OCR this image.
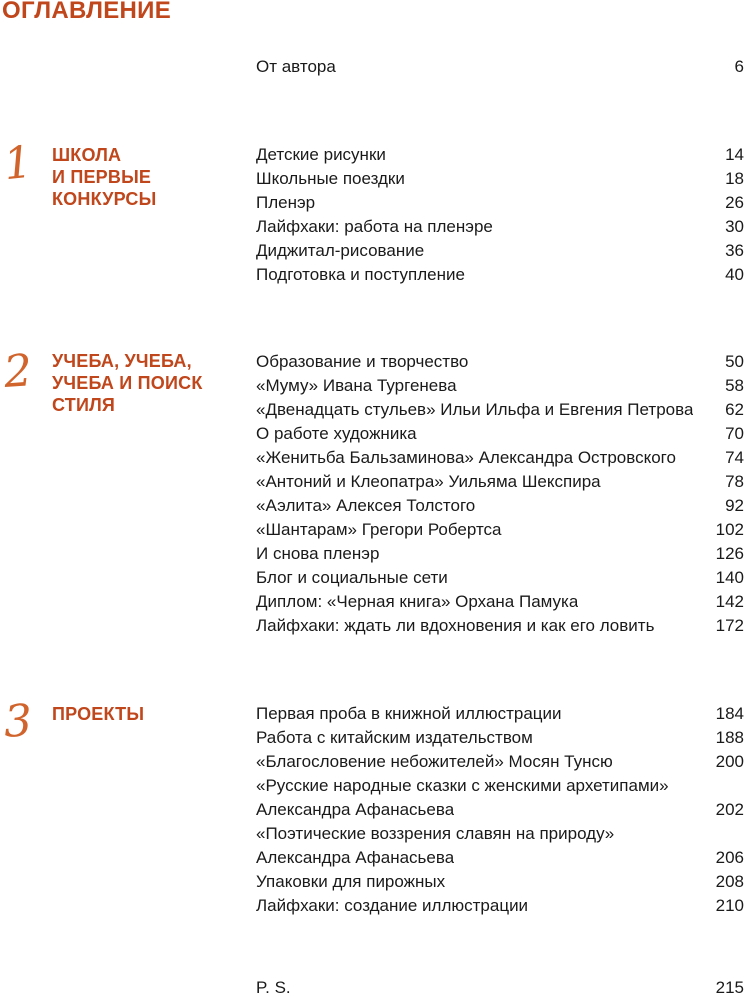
ОГЛАВЛЕНИЕ
От автора	6
1 ШКОЛА
И ПЕРВЫЕ
КОНКУРСЫ
Детские рисунки	14
Школьные поездки	18
Пленэр	26
Лайфхаки: работа на пленэре	30
Диджитал-рисование	36
Подготовка и поступление	40
2 УЧЕБА, УЧЕБА,
УЧЕБА И ПОИСК
СТИЛЯ
Образование и творчество	50
«Муму» Ивана Тургенева	58
«Двенадцать стульев» Ильи Ильфа и Евгения Петрова 62
О работе художника	70
«Женитьба Бальзаминова» Александра Островского	74
«Антоний и Клеопатра» Уильяма Шекспира	78
«Аэлита» Алексея Толстого	92
«Шантарам» Грегори Робертса	102
И снова пленэр	126
Блог и социальные сети	140
Диплом: «Черная книга» Орхана Памука	142
Лайфхаки: ждать ли вдохновения и как его ловить	172
3 ПРОЕКТЫ	Первая проба в книжной иллюстрации	184
Работа с китайским издательством	188
«Благословение небожителей» Мосян Тунсю	200
«Русские народные сказки с женскими архетипами»
Александра Афанасьева	202
«Поэтические воззрения славян на природу»
Александра Афанасьева	206
Упаковки для пирожных	208
Лайфхаки: создание иллюстрации	210
P. S.	215
